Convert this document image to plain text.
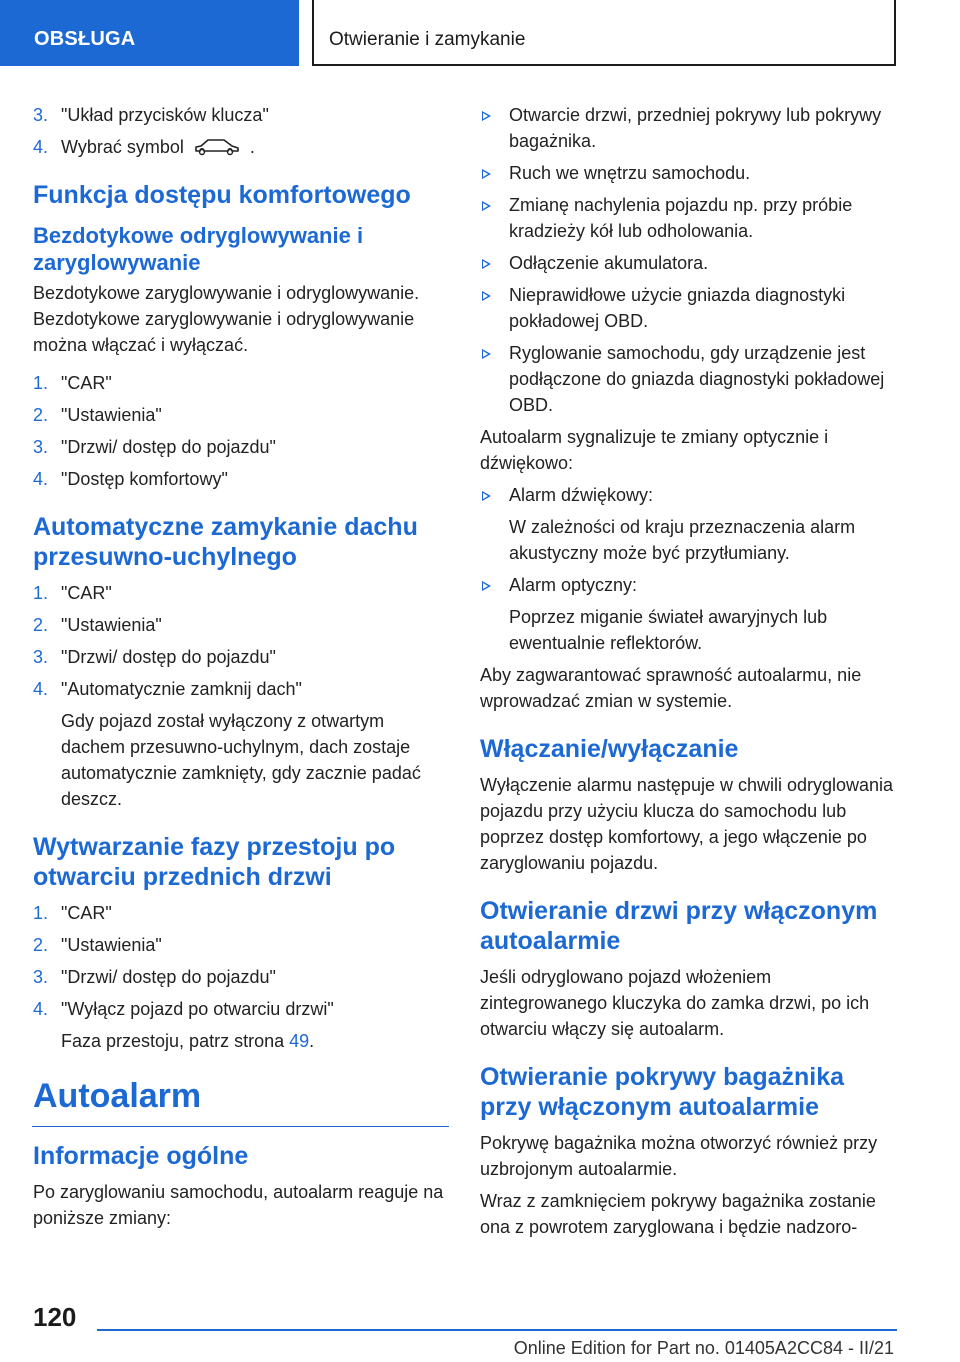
OBSŁUGA	Otwieranie i zamykanie
3. "Układ przycisków klucza"
4. Wybrać symbol	.
Funkcja dostępu komfortowego
Bezdotykowe odryglowywanie i zaryglowywanie

Bezdotykowe zaryglowywanie i odryglowywanie. Bezdotykowe zaryglowywanie i odryglowywanie można włączać i wyłączać.

1. "CAR"
2. "Ustawienia"
3. "Drzwi/ dostęp do pojazdu"
4. "Dostęp komfortowy"
Automatyczne zamykanie dachu przesuwno-uchylnego
1. "CAR"
2. "Ustawienia"
3. "Drzwi/ dostęp do pojazdu"
4. "Automatycznie zamknij dach"
Gdy pojazd został wyłączony z otwartym dachem przesuwno-uchylnym, dach zostaje automatycznie zamknięty, gdy zacznie padać deszcz.
Wytwarzanie fazy przestoju po otwarciu przednich drzwi
1. "CAR"
2. "Ustawienia"
3. "Drzwi/ dostęp do pojazdu"
4. "Wyłącz pojazd po otwarciu drzwi"
Faza przestoju, patrz strona 49.
Autoalarm
Informacje ogólne

Po zaryglowaniu samochodu, autoalarm reaguje na poniższe zmiany:

Otwarcie drzwi, przedniej pokrywy lub pokrywy bagażnika.
Ruch we wnętrzu samochodu.
Zmianę nachylenia pojazdu np. przy próbie kradzieży kół lub odholowania.
Odłączenie akumulatora.
Nieprawidłowe użycie gniazda diagnostyki pokładowej OBD.
Ryglowanie samochodu, gdy urządzenie jest podłączone do gniazda diagnostyki pokładowej OBD.

Autoalarm sygnalizuje te zmiany optycznie i dźwiękowo:

Alarm dźwiękowy:
W zależności od kraju przeznaczenia alarm akustyczny może być przytłumiany.
Alarm optyczny:
Poprzez miganie świateł awaryjnych lub ewentualnie reflektorów.

Aby zagwarantować sprawność autoalarmu, nie wprowadzać zmian w systemie.

Włączanie/wyłączanie

Wyłączenie alarmu następuje w chwili odryglowania pojazdu przy użyciu klucza do samochodu lub poprzez dostęp komfortowy, a jego włączenie po zaryglowaniu pojazdu.

Otwieranie drzwi przy włączonym autoalarmie

Jeśli odryglowano pojazd włożeniem zintegrowanego kluczyka do zamka drzwi, po ich otwarciu włączy się autoalarm.

Otwieranie pokrywy bagażnika przy włączonym autoalarmie

Pokrywę bagażnika można otworzyć również przy uzbrojonym autoalarmie.

Wraz z zamknięciem pokrywy bagażnika zostanie ona z powrotem zaryglowana i będzie nadzoro-

120
Online Edition for Part no. 01405A2CC84 - II/21
